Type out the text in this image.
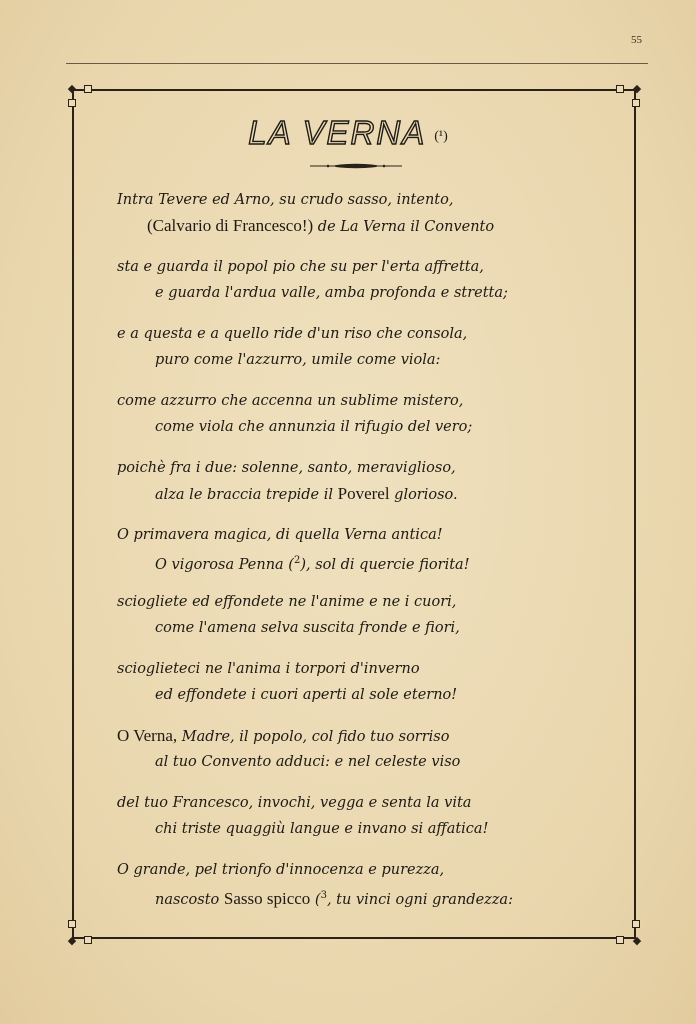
55
◆	◆
◆	◆
LA VERNA (¹)
Intra Tevere ed Arno, su crudo sasso, intento,
(Calvario di Francesco!) de La Verna il Convento
sta e guarda il popol pio che su per l'erta affretta,
e guarda l'ardua valle, amba profonda e stretta;
e a questa e a quello ride d'un riso che consola,
puro come l'azzurro, umile come viola:
come azzurro che accenna un sublime mistero,
come viola che annunzia il rifugio del vero;
poichè fra i due: solenne, santo, meraviglioso,
alza le braccia trepide il Poverel glorioso.
O primavera magica, di quella Verna antica!
O vigorosa Penna ($^2$), sol di quercie fiorita!
sciogliete ed effondete ne l'anime e ne i cuori,
come l'amena selva suscita fronde e fiori,
scioglieteci ne l'anima i torpori d'inverno
ed effondete i cuori aperti al sole eterno!
O Verna, Madre, il popolo, col fido tuo sorriso
al tuo Convento adduci: e nel celeste viso
del tuo Francesco, invochi, vegga e senta la vita
chi triste quaggiù langue e invano si affatica!
O grande, pel trionfo d'innocenza e purezza,
nascosto Sasso spicco ($^3$, tu vinci ogni grandezza:
